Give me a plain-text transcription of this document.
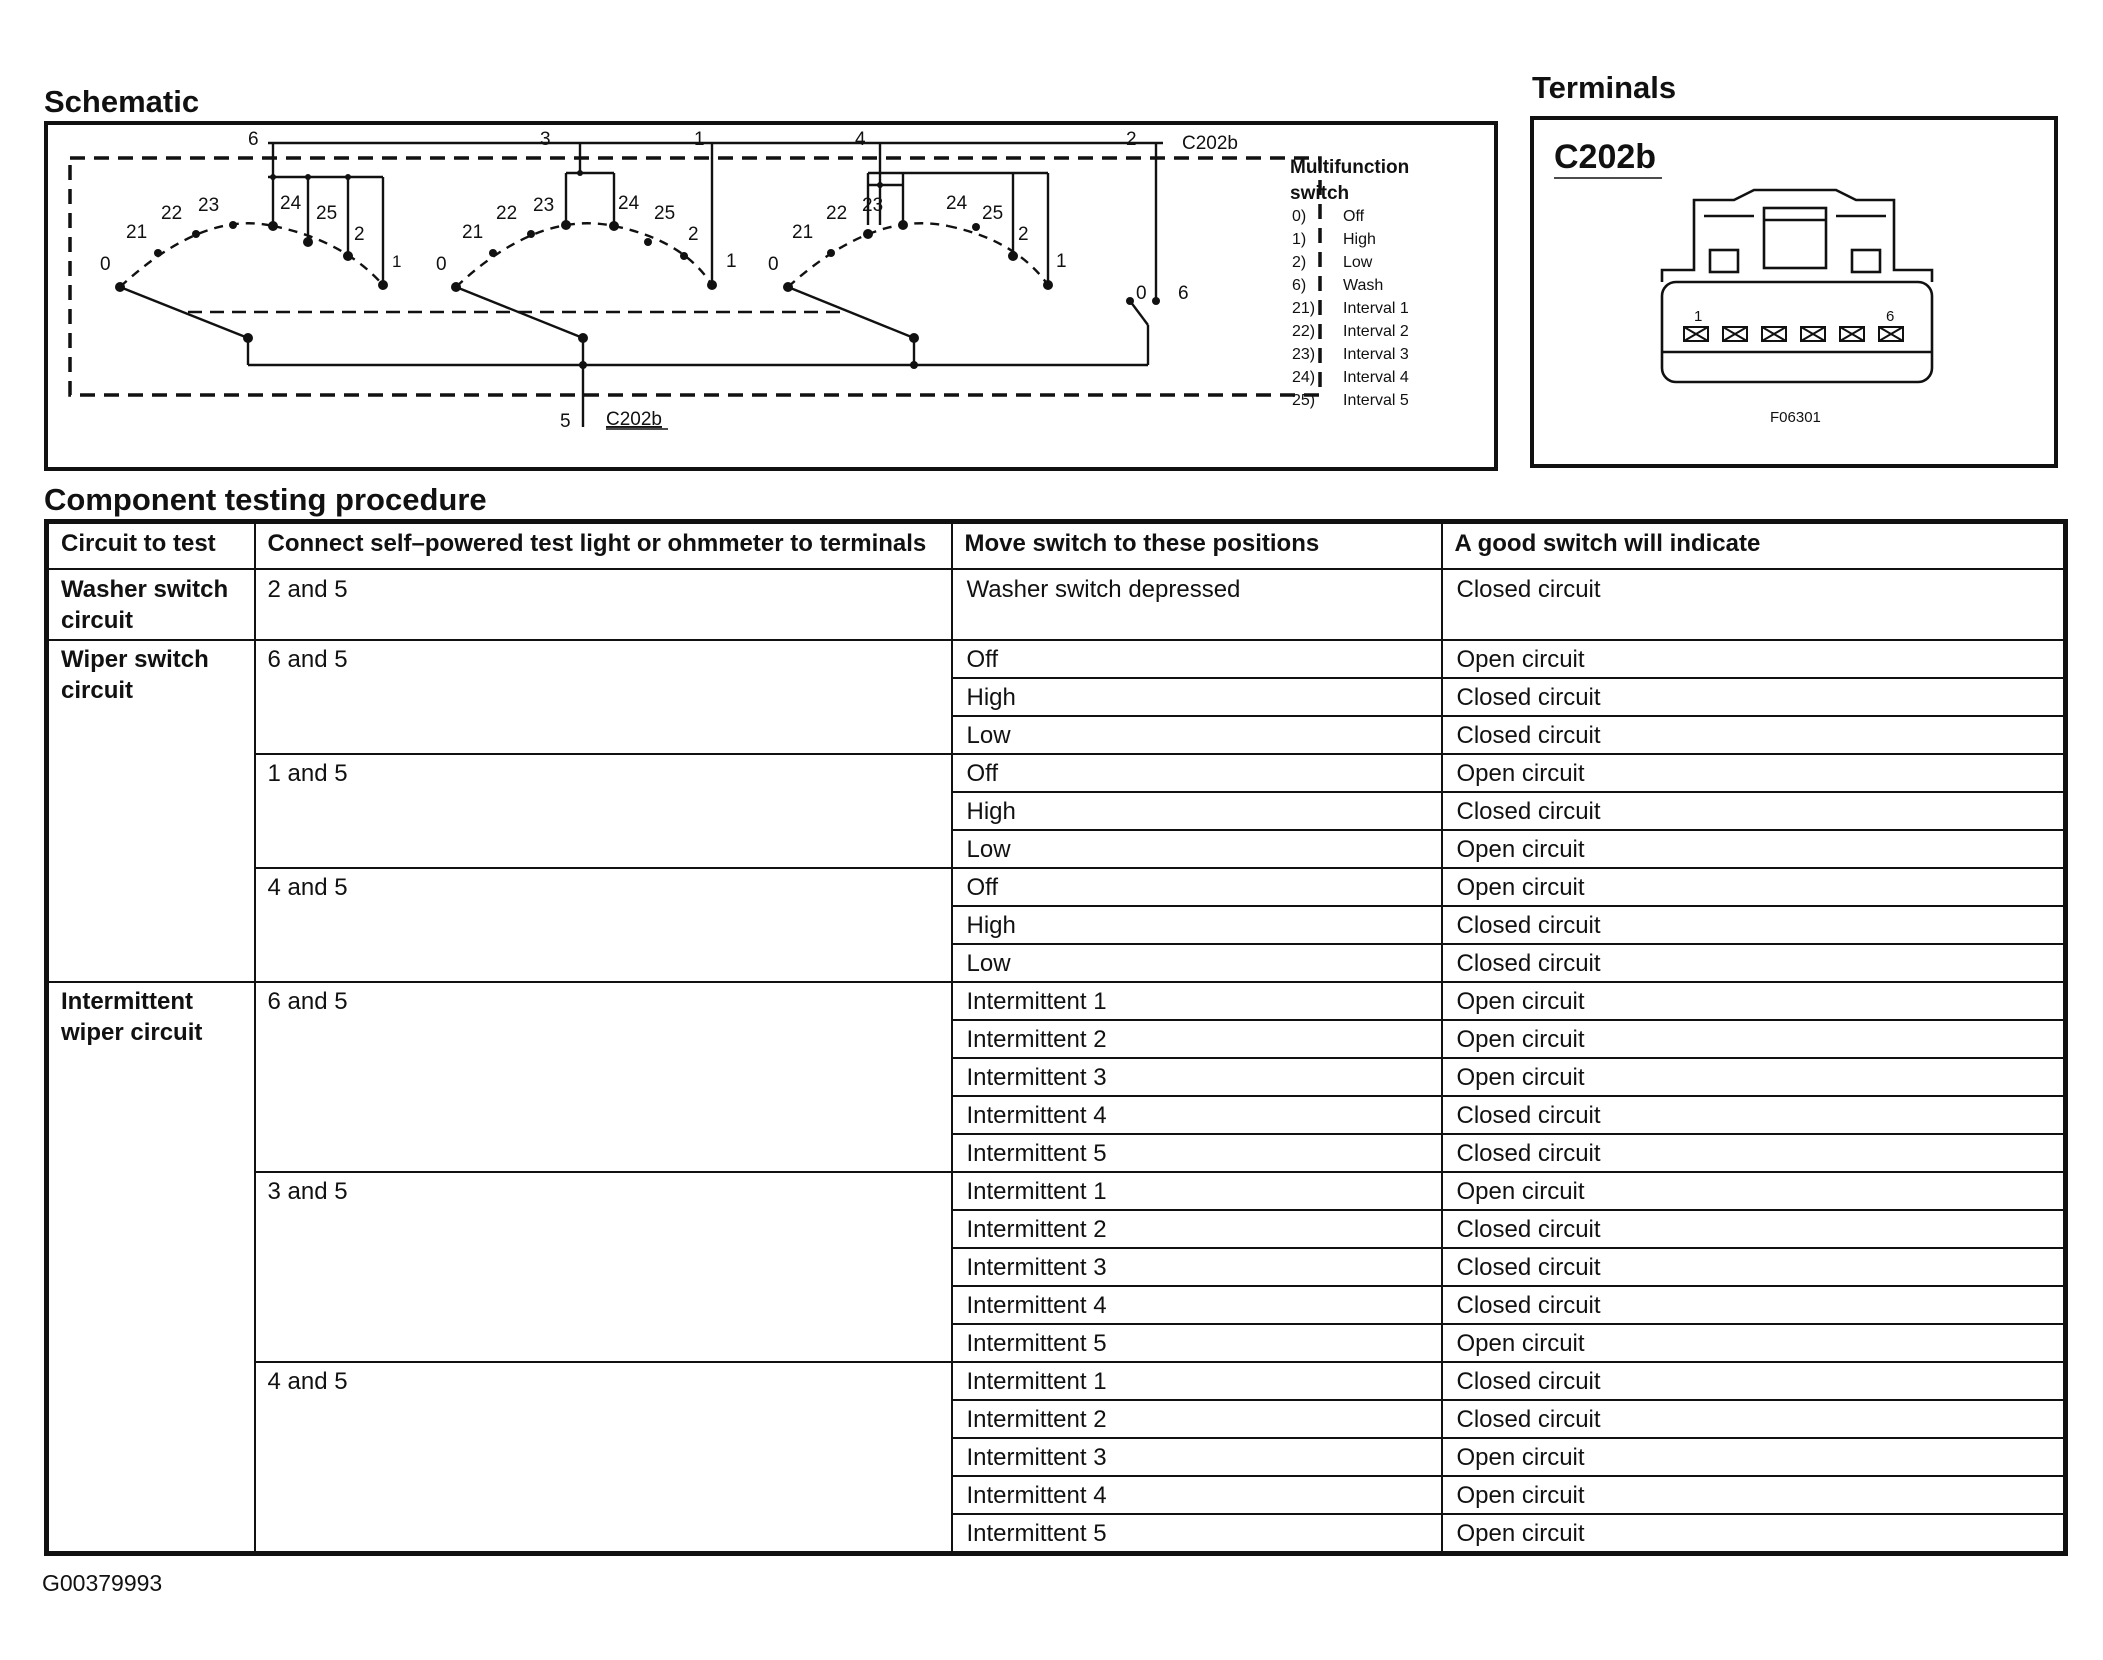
Schematic
6	3	1	4	2 C202b
0
21
22 23	24 25
2
1 0
21
22 23	24 25
2
1 0
21
22 23	24 25
2
1
0 6
5 C202b
Multifunction
switch
0) Off
1) High
2) Low
6) Wash
21) Interval 1
22) Interval 2
23) Interval 3
24) Interval 4
25) Interval 5
Terminals
C202b
1	6
F06301
Component testing procedure
Circuit to test	Connect self–powered test light or ohmmeter to terminals	Move switch to these positions	A good switch will indicate
Washer switch circuit	2 and 5	Washer switch depressed	Closed circuit
Wiper switch circuit	6 and 5	Off	Open circuit
		High	Closed circuit
		Low	Closed circuit
	1 and 5	Off	Open circuit
		High	Closed circuit
		Low	Open circuit
	4 and 5	Off	Open circuit
		High	Closed circuit
		Low	Closed circuit
Intermittent wiper circuit	6 and 5	Intermittent 1	Open circuit
		Intermittent 2	Open circuit
		Intermittent 3	Open circuit
		Intermittent 4	Closed circuit
		Intermittent 5	Closed circuit
	3 and 5	Intermittent 1	Open circuit
		Intermittent 2	Closed circuit
		Intermittent 3	Closed circuit
		Intermittent 4	Closed circuit
		Intermittent 5	Open circuit
	4 and 5	Intermittent 1	Closed circuit
		Intermittent 2	Closed circuit
		Intermittent 3	Open circuit
		Intermittent 4	Open circuit
		Intermittent 5	Open circuit
G00379993
